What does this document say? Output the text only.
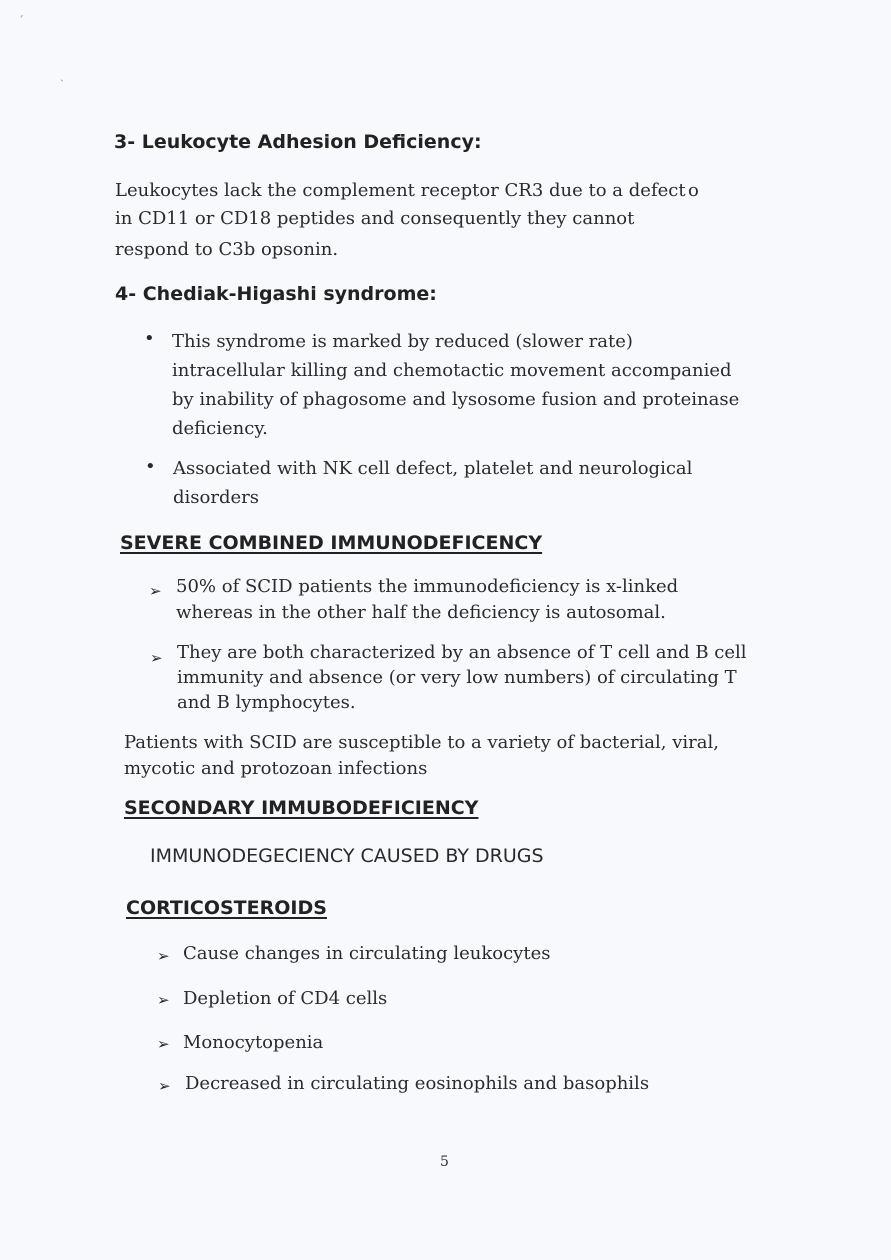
ˊ
ˏ
3- Leukocyte Adhesion Deficiency:

Leukocytes lack the complement receptor CR3 due to a defect o

in CD11 or CD18 peptides and consequently they cannot

respond to C3b opsonin.

4- Chediak-Higashi syndrome:
• This syndrome is marked by reduced (slower rate)
intracellular killing and chemotactic movement accompanied
by inability of phagosome and lysosome fusion and proteinase
deficiency.
• Associated with NK cell defect, platelet and neurological
disorders
SEVERE COMBINED IMMUNODEFICENCY
➢ 50% of SCID patients the immunodeficiency is x-linked
whereas in the other half the deficiency is autosomal.
➢ They are both characterized by an absence of T cell and B cell
immunity and absence (or very low numbers) of circulating T
and B lymphocytes.
Patients with SCID are susceptible to a variety of bacterial, viral,
mycotic and protozoan infections
SECONDARY IMMUBODEFICIENCY
IMMUNODEGECIENCY CAUSED BY DRUGS
CORTICOSTEROIDS
➢ Cause changes in circulating leukocytes
➢ Depletion of CD4 cells
➢ Monocytopenia
➢ Decreased in circulating eosinophils and basophils
5
